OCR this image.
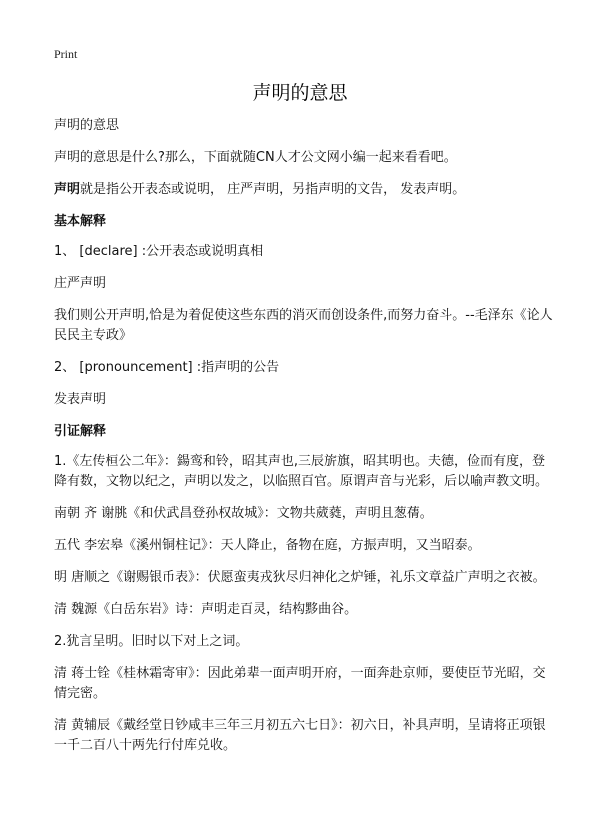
Print
声明的意思

声明的意思

声明的意思是什么?那么，下面就随CN人才公文网小编一起来看看吧。

声明就是指公开表态或说明， 庄严声明，另指声明的文告， 发表声明。

基本解释

1、 [declare] :公开表态或说明真相

庄严声明

我们则公开声明,恰是为着促使这些东西的消灭而创设条件,而努力奋斗。--毛泽东《论人民民主专政》

2、 [pronouncement] :指声明的公告

发表声明

引证解释

1.《左传桓公二年》：鍚鸾和铃，昭其声也,三辰旂旗，昭其明也。夫德，俭而有度，登降有数，文物以纪之，声明以发之，以临照百官。原谓声音与光彩，后以喻声教文明。

南朝 齐 谢朓《和伏武昌登孙权故城》：文物共葳蕤，声明且葱蒨。

五代 李宏皋《溪州铜柱记》：天人降止，备物在庭，方振声明，又当昭泰。

明 唐顺之《谢赐银币表》：伏愿蛮夷戎狄尽归神化之炉锤，礼乐文章益广声明之衣被。

清 魏源《白岳东岩》诗：声明走百灵，结构黟曲谷。

2.犹言呈明。旧时以下对上之词。

清 蒋士铨《桂林霜寄审》：因此弟辈一面声明开府，一面奔赴京师，要使臣节光昭，交情完密。

清 黄辅辰《戴经堂日钞咸丰三年三月初五六七日》：初六日，补具声明，呈请将正项银一千二百八十两先行付库兑收。
